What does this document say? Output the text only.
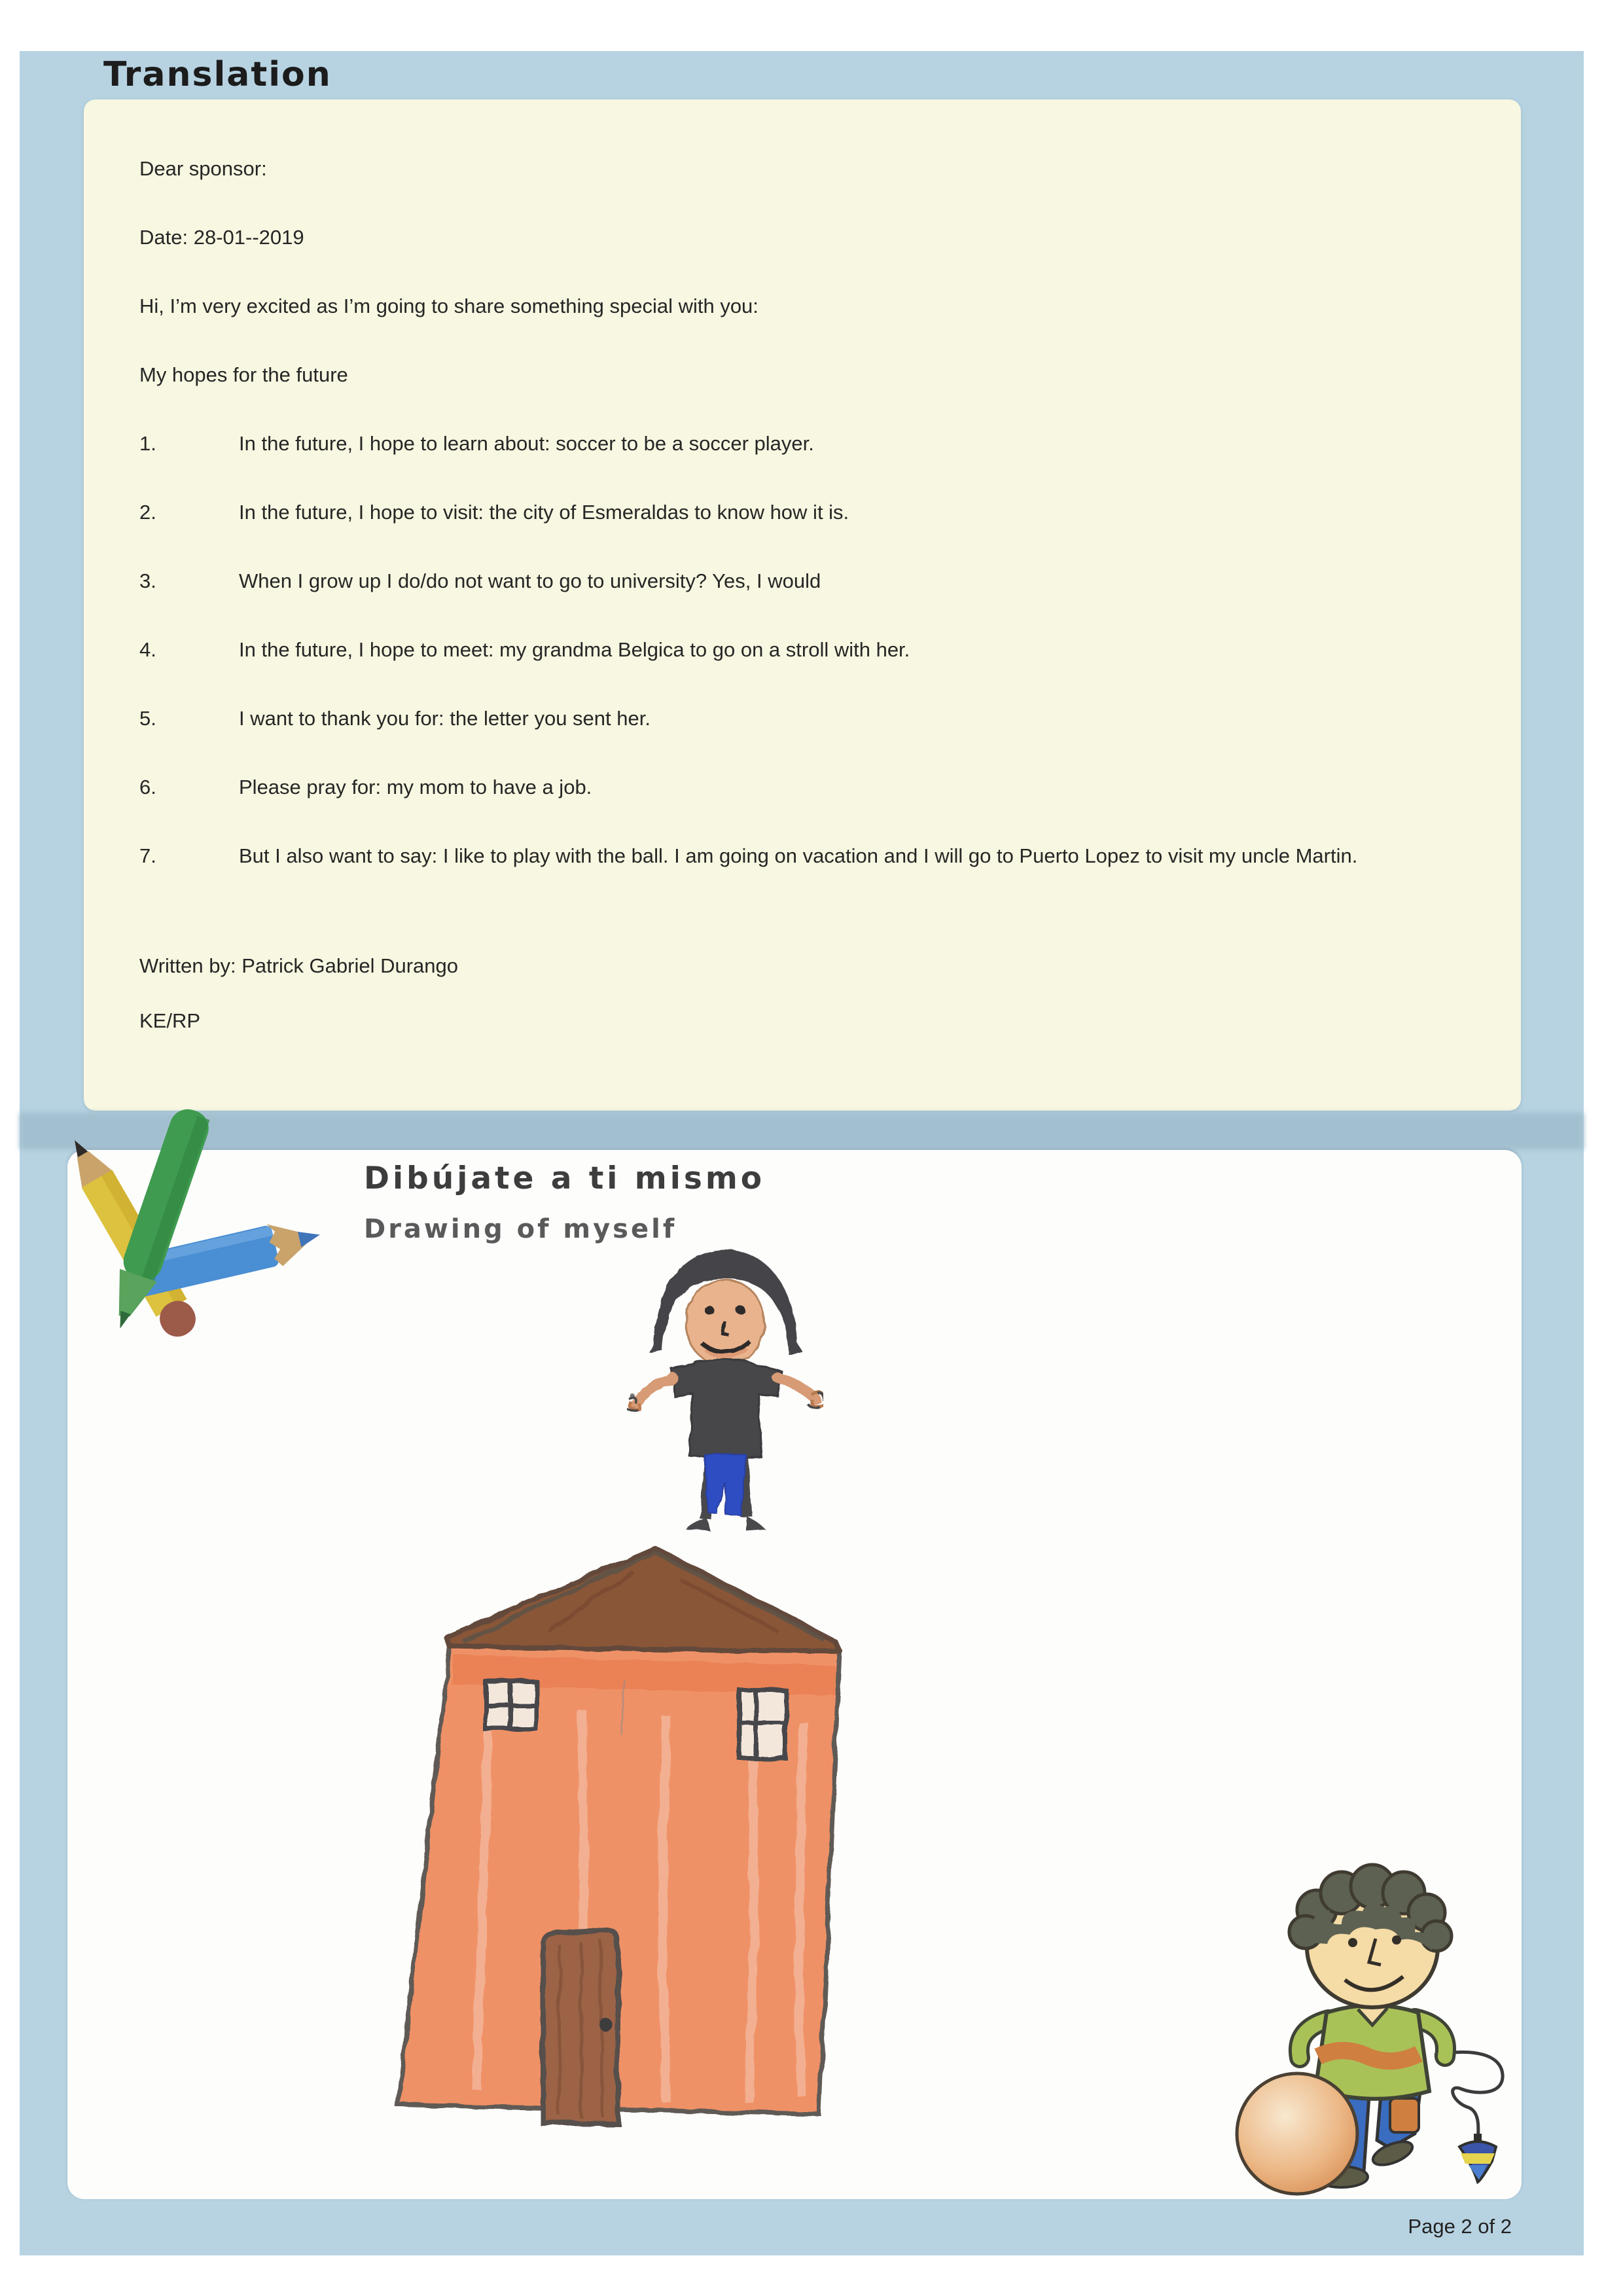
Translation

Dear sponsor:

Date: 28-01--2019

Hi, I’m very excited as I’m going to share something special with you:

My hopes for the future

1.	In the future, I hope to learn about: soccer to be a soccer player.

2.	In the future, I hope to visit: the city of Esmeraldas to know how it is.

3.	When I grow up I do/do not want to go to university? Yes, I would

4.	In the future, I hope to meet: my grandma Belgica to go on a stroll with her.

5.	I want to thank you for: the letter you sent her.

6.	Please pray for: my mom to have a job.

7.	But I also want to say: I like to play with the ball. I am going on vacation and I will go to Puerto Lopez to visit my uncle Martin.

Written by: Patrick Gabriel Durango

KE/RP

Dibújate a ti mismo
Drawing of myself
Page 2 of 2
